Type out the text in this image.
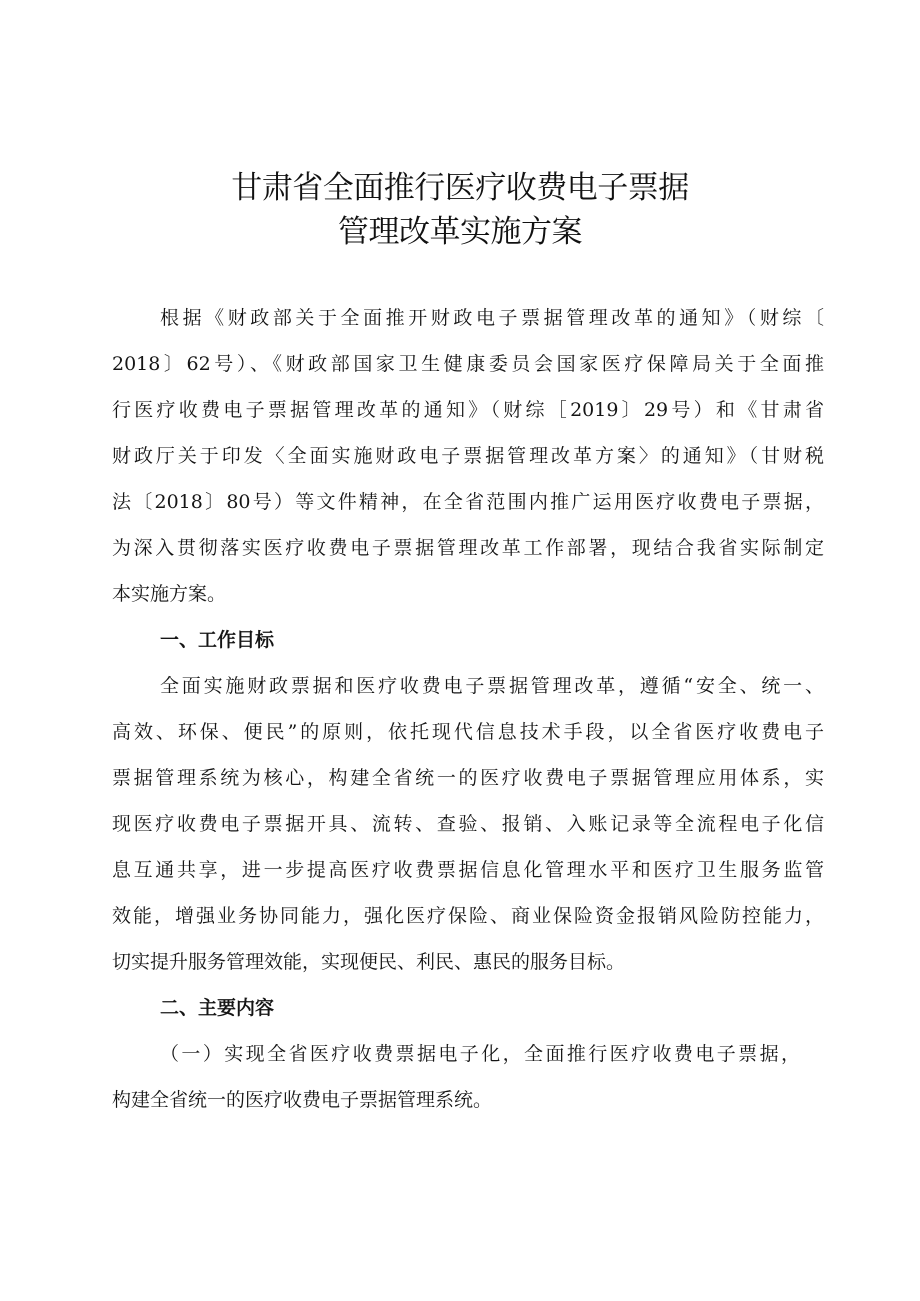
甘肃省全面推行医疗收费电子票据
管理改革实施方案
根据《财政部关于全面推开财政电子票据管理改革的通知》（财综〔
2018〕62号）、《财政部国家卫生健康委员会国家医疗保障局关于全面推
行医疗收费电子票据管理改革的通知》（财综［2019〕29号）和《甘肃省
财政厅关于印发〈全面实施财政电子票据管理改革方案〉的通知》（甘财税
法〔2018〕80号）等文件精神，在全省范围内推广运用医疗收费电子票据，
为深入贯彻落实医疗收费电子票据管理改革工作部署，现结合我省实际制定
本实施方案。
一、工作目标
全面实施财政票据和医疗收费电子票据管理改革，遵循“安全、统一、
高效、环保、便民”的原则，依托现代信息技术手段，以全省医疗收费电子
票据管理系统为核心，构建全省统一的医疗收费电子票据管理应用体系，实
现医疗收费电子票据开具、流转、查验、报销、入账记录等全流程电子化信
息互通共享，进一步提高医疗收费票据信息化管理水平和医疗卫生服务监管
效能，增强业务协同能力，强化医疗保险、商业保险资金报销风险防控能力，
切实提升服务管理效能，实现便民、利民、惠民的服务目标。
二、主要内容
（一）实现全省医疗收费票据电子化，全面推行医疗收费电子票据，
构建全省统一的医疗收费电子票据管理系统。
